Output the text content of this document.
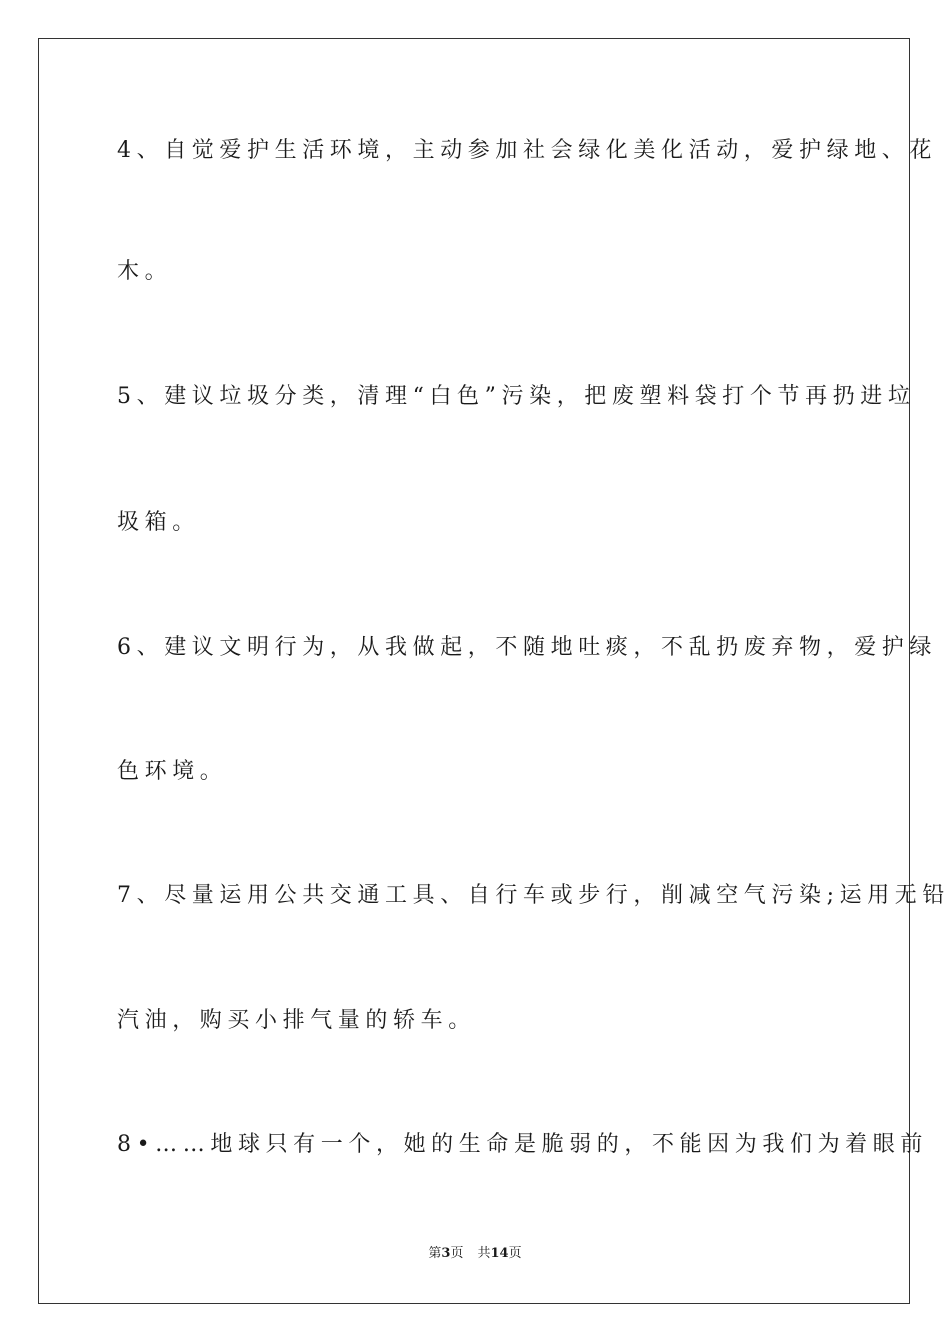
4、自觉爱护生活环境，主动参加社会绿化美化活动，爱护绿地、花
木。
5、建议垃圾分类，清理“白色”污染，把废塑料袋打个节再扔进垃
圾箱。
6、建议文明行为，从我做起，不随地吐痰，不乱扔废弃物，爱护绿
色环境。
7、尽量运用公共交通工具、自行车或步行，削减空气污染;运用无铅
汽油，购买小排气量的轿车。
8•……地球只有一个，她的生命是脆弱的，不能因为我们为着眼前
第3页 共14页
